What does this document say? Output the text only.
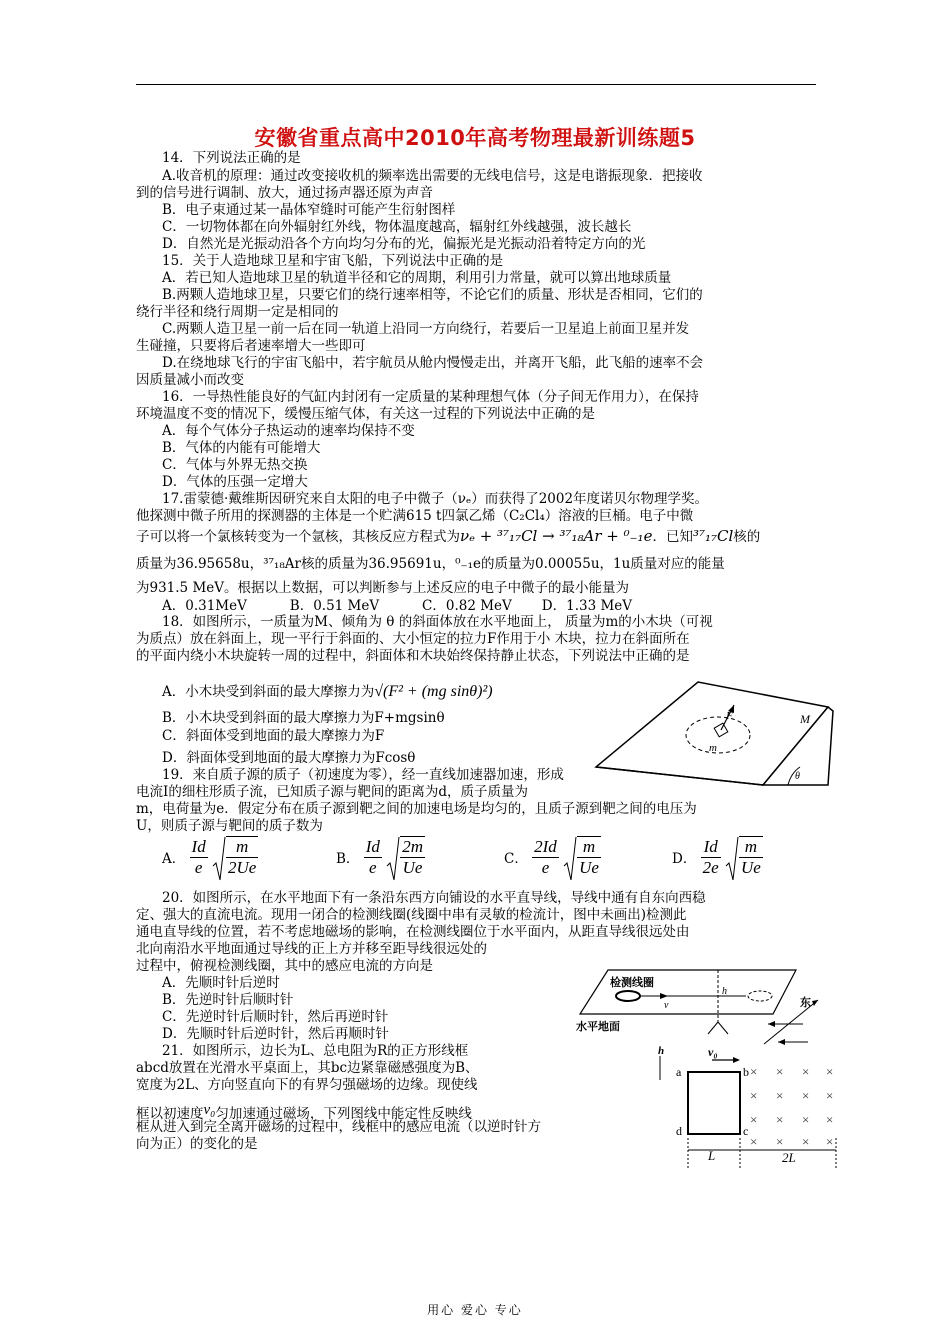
安徽省重点高中2010年高考物理最新训练题5
14．下列说法正确的是
A.收音机的原理：通过改变接收机的频率选出需要的无线电信号，这是电谐振现象．把接收
到的信号进行调制、放大，通过扬声器还原为声音
B．电子束通过某一晶体窄缝时可能产生衍射图样
C．一切物体都在向外辐射红外线，物体温度越高，辐射红外线越强，波长越长
D．自然光是光振动沿各个方向均匀分布的光，偏振光是光振动沿着特定方向的光
15．关于人造地球卫星和宇宙飞船，下列说法中正确的是
A．若已知人造地球卫星的轨道半径和它的周期，利用引力常量，就可以算出地球质量
B.两颗人造地球卫星，只要它们的绕行速率相等，不论它们的质量、形状是否相同，它们的
绕行半径和绕行周期一定是相同的
C.两颗人造卫星一前一后在同一轨道上沿同一方向绕行，若要后一卫星追上前面卫星并发
生碰撞，只要将后者速率增大一些即可
D.在绕地球飞行的宇宙飞船中，若宇航员从舱内慢慢走出，并离开飞船，此飞船的速率不会
因质量减小而改变
16．一导热性能良好的气缸内封闭有一定质量的某种理想气体（分子间无作用力），在保持
环境温度不变的情况下，缓慢压缩气体，有关这一过程的下列说法中正确的是
A．每个气体分子热运动的速率均保持不变
B．气体的内能有可能增大
C．气体与外界无热交换
D．气体的压强一定增大
17.雷蒙德·戴维斯因研究来自太阳的电子中微子（νₑ）而获得了2002年度诺贝尔物理学奖。
他探测中微子所用的探测器的主体是一个贮满615 t四氯乙烯（C₂Cl₄）溶液的巨桶。电子中微
子可以将一个氯核转变为一个氩核，其核反应方程式为νₑ + ³⁷₁₇Cl → ³⁷₁₈Ar + ⁰₋₁e．已知³⁷₁₇Cl核的
质量为36.95658u，³⁷₁₈Ar核的质量为36.95691u，⁰₋₁e的质量为0.00055u，1u质量对应的能量
为931.5 MeV。根据以上数据，可以判断参与上述反应的电子中微子的最小能量为
A．0.31MeV          B．0.51 MeV          C．0.82 MeV       D．1.33 MeV
18．如图所示，一质量为M、倾角为 θ 的斜面体放在水平地面上， 质量为m的小木块（可视
为质点）放在斜面上，现一平行于斜面的、大小恒定的拉力F作用于小 木块，拉力在斜面所在
的平面内绕小木块旋转一周的过程中，斜面体和木块始终保持静止状态，下列说法中正确的是
A．小木块受到斜面的最大摩擦力为√(F² + (mg sinθ)²)
B．小木块受到斜面的最大摩擦力为F+mgsinθ
C．斜面体受到地面的最大摩擦力为F
D．斜面体受到地面的最大摩擦力为Fcosθ
F
m
M
θ
19．来自质子源的质子（初速度为零），经一直线加速器加速，形成
电流Ⅰ的细柱形质子流，已知质子源与靶间的距离为d，质子质量为
m，电荷量为e．假定分布在质子源到靶之间的加速电场是均匀的，且质子源到靶之间的电压为
U，则质子源与靶间的质子数为
A． $\frac{Id}{e}$
$\frac{m}{2Ue}$	B． $\frac{Id}{e}$
$\frac{2m}{Ue}$	C． $\frac{2Id}{e}$
$\frac{m}{Ue}$	D． $\frac{Id}{2e}$
$\frac{m}{Ue}$
20．如图所示，在水平地面下有一条沿东西方向铺设的水平直导线，导线中通有自东向西稳
定、强大的直流电流。现用一闭合的检测线圈(线圈中串有灵敏的检流计，图中未画出)检测此
通电直导线的位置，若不考虑地磁场的影响，在检测线圈位于水平面内，从距直导线很远处由
北向南沿水平地面通过导线的正上方并移至距导线很远处的
过程中，俯视检测线圈，其中的感应电流的方向是
A．先顺时针后逆时
B．先逆时针后顺时针
C．先逆时针后顺时针，然后再逆时针
D．先顺时针后逆时针，然后再顺时针
检测线圈
v
h
水平地面
东
21．如图所示，边长为L、总电阻为R的正方形线框
abcd放置在光滑水平桌面上，其bc边紧靠磁感强度为B、
宽度为2L、方向竖直向下的有界匀强磁场的边缘。现使线
框以初速度v₀匀加速通过磁场，下列图线中能定性反映线
框从进入到完全离开磁场的过程中，线框中的感应电流（以逆时针方
向为正）的变化的是
v₀
h
a	b
c
d
× × × ×
× × × ×
× × × ×
× × × ×
L	2L
用心 爱心 专心
